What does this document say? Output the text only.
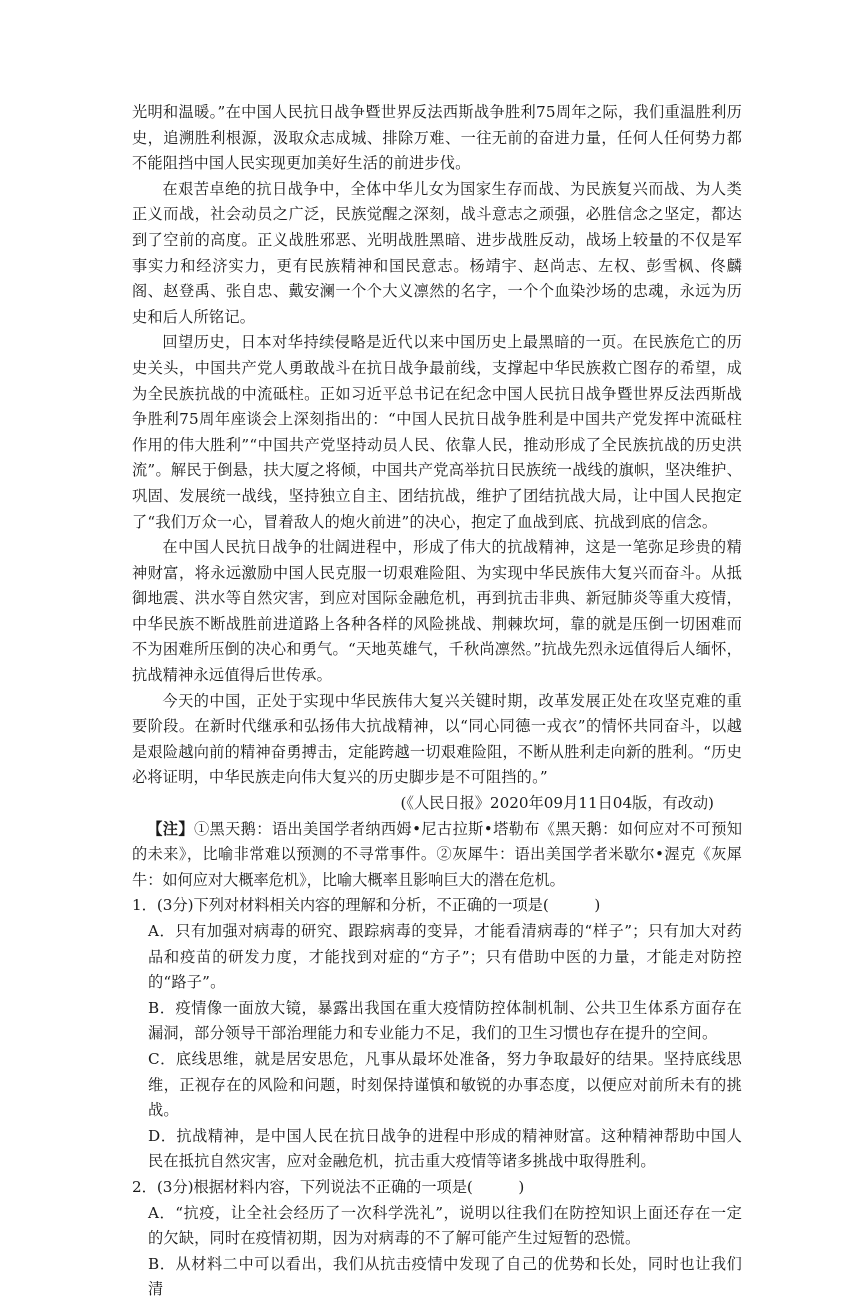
光明和温暖。”在中国人民抗日战争暨世界反法西斯战争胜利75周年之际，我们重温胜利历史，追溯胜利根源，汲取众志成城、排除万难、一往无前的奋进力量，任何人任何势力都不能阻挡中国人民实现更加美好生活的前进步伐。

在艰苦卓绝的抗日战争中，全体中华儿女为国家生存而战、为民族复兴而战、为人类正义而战，社会动员之广泛，民族觉醒之深刻，战斗意志之顽强，必胜信念之坚定，都达到了空前的高度。正义战胜邪恶、光明战胜黑暗、进步战胜反动，战场上较量的不仅是军事实力和经济实力，更有民族精神和国民意志。杨靖宇、赵尚志、左权、彭雪枫、佟麟阁、赵登禹、张自忠、戴安澜一个个大义凛然的名字，一个个血染沙场的忠魂，永远为历史和后人所铭记。

回望历史，日本对华持续侵略是近代以来中国历史上最黑暗的一页。在民族危亡的历史关头，中国共产党人勇敢战斗在抗日战争最前线，支撑起中华民族救亡图存的希望，成为全民族抗战的中流砥柱。正如习近平总书记在纪念中国人民抗日战争暨世界反法西斯战争胜利75周年座谈会上深刻指出的：“中国人民抗日战争胜利是中国共产党发挥中流砥柱作用的伟大胜利”“中国共产党坚持动员人民、依靠人民，推动形成了全民族抗战的历史洪流”。解民于倒悬，扶大厦之将倾，中国共产党高举抗日民族统一战线的旗帜，坚决维护、巩固、发展统一战线，坚持独立自主、团结抗战，维护了团结抗战大局，让中国人民抱定了“我们万众一心，冒着敌人的炮火前进”的决心，抱定了血战到底、抗战到底的信念。

在中国人民抗日战争的壮阔进程中，形成了伟大的抗战精神，这是一笔弥足珍贵的精神财富，将永远激励中国人民克服一切艰难险阻、为实现中华民族伟大复兴而奋斗。从抵御地震、洪水等自然灾害，到应对国际金融危机，再到抗击非典、新冠肺炎等重大疫情，中华民族不断战胜前进道路上各种各样的风险挑战、荆棘坎坷，靠的就是压倒一切困难而不为困难所压倒的决心和勇气。“天地英雄气，千秋尚凛然。”抗战先烈永远值得后人缅怀，抗战精神永远值得后世传承。

今天的中国，正处于实现中华民族伟大复兴关键时期，改革发展正处在攻坚克难的重要阶段。在新时代继承和弘扬伟大抗战精神，以“同心同德一戎衣”的情怀共同奋斗，以越是艰险越向前的精神奋勇搏击，定能跨越一切艰难险阻，不断从胜利走向新的胜利。“历史必将证明，中华民族走向伟大复兴的历史脚步是不可阻挡的。”

(《人民日报》2020年09月11日04版，有改动)

【注】①黑天鹅：语出美国学者纳西姆•尼古拉斯•塔勒布《黑天鹅：如何应对不可预知的未来》，比喻非常难以预测的不寻常事件。②灰犀牛：语出美国学者米歇尔•渥克《灰犀牛：如何应对大概率危机》，比喻大概率且影响巨大的潜在危机。

1．(3分)下列对材料相关内容的理解和分析，不正确的一项是(　　　)

A．只有加强对病毒的研究、跟踪病毒的变异，才能看清病毒的“样子”；只有加大对药品和疫苗的研发力度，才能找到对症的“方子”；只有借助中医的力量，才能走对防控的“路子”。

B．疫情像一面放大镜，暴露出我国在重大疫情防控体制机制、公共卫生体系方面存在漏洞，部分领导干部治理能力和专业能力不足，我们的卫生习惯也存在提升的空间。

C．底线思维，就是居安思危，凡事从最坏处准备，努力争取最好的结果。坚持底线思维，正视存在的风险和问题，时刻保持谨慎和敏锐的办事态度，以便应对前所未有的挑战。

D．抗战精神，是中国人民在抗日战争的进程中形成的精神财富。这种精神帮助中国人民在抵抗自然灾害，应对金融危机，抗击重大疫情等诸多挑战中取得胜利。

2．(3分)根据材料内容，下列说法不正确的一项是(　　　)

A．“抗疫，让全社会经历了一次科学洗礼”，说明以往我们在防控知识上面还存在一定的欠缺，同时在疫情初期，因为对病毒的不了解可能产生过短暂的恐慌。

B．从材料二中可以看出，我们从抗击疫情中发现了自己的优势和长处，同时也让我们清
